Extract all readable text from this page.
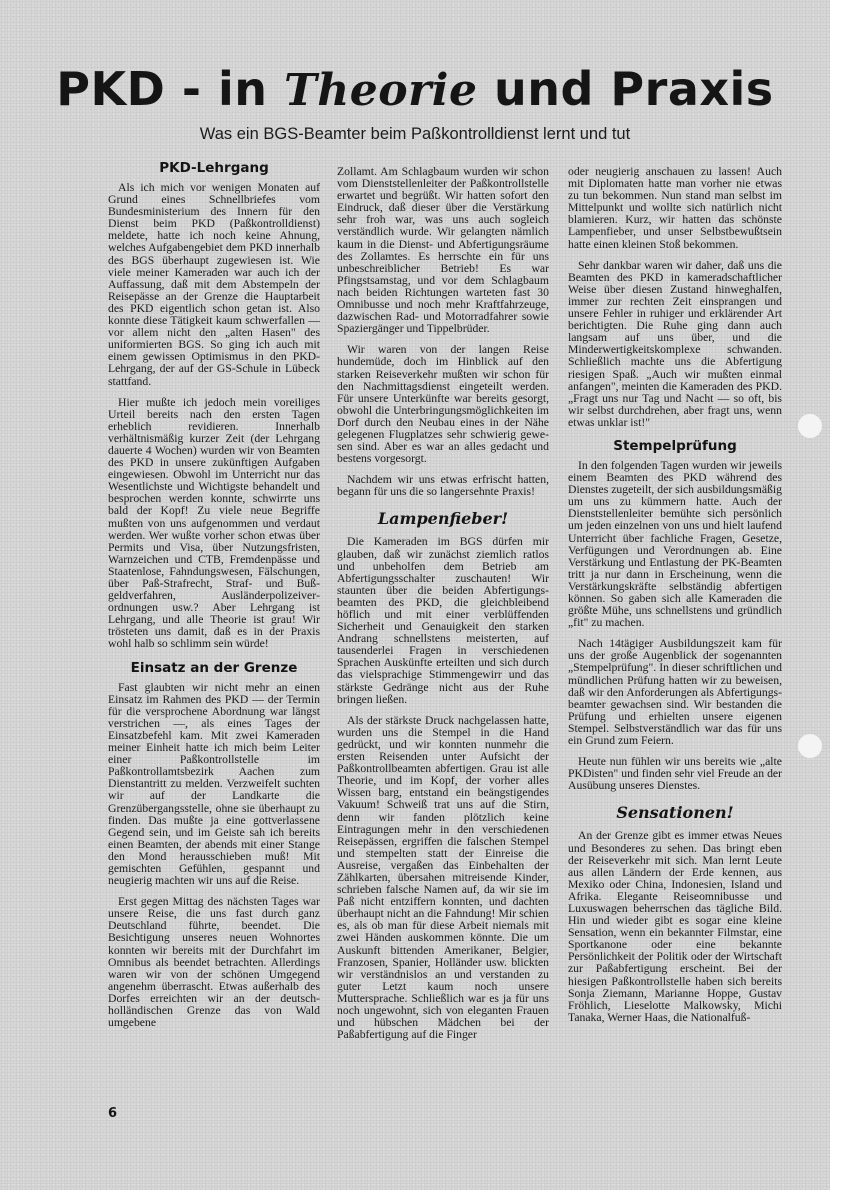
PKD - in Theorie und Praxis
Was ein BGS-Beamter beim Paßkontrolldienst lernt und tut
PKD-Lehrgang

Als ich mich vor wenigen Monaten auf Grund eines Schnellbriefes vom Bundesministerium des Innern für den Dienst beim PKD (Paßkontrolldienst) meldete, hatte ich noch keine Ahnung, welches Aufgabengebiet dem PKD innerhalb des BGS überhaupt zugewiesen ist. Wie viele meiner Kameraden war auch ich der Auffassung, daß mit dem Abstempeln der Reisepässe an der Grenze die Hauptarbeit des PKD eigentlich schon getan ist. Also konnte diese Tätigkeit kaum schwerfallen — vor allem nicht den „alten Hasen" des uniformierten BGS. So ging ich auch mit einem gewissen Optimismus in den PKD-Lehrgang, der auf der GS-Schule in Lübeck stattfand.

Hier mußte ich jedoch mein voreiliges Urteil bereits nach den ersten Tagen erheblich revidieren. Innerhalb verhältnismäßig kurzer Zeit (der Lehrgang dauerte 4 Wochen) wurden wir von Beamten des PKD in unsere zukünftigen Aufgaben eingewiesen. Obwohl im Unterricht nur das Wesentlichste und Wichtigste behandelt und besprochen werden konnte, schwirrte uns bald der Kopf! Zu viele neue Begriffe mußten von uns aufgenommen und verdaut werden. Wer wußte vorher schon etwas über Permits und Visa, über Nutzungsfristen, Warnzeichen und CTB, Fremdenpässe und Staatenlose, Fahndungswesen, Fälschungen, über Paß-Strafrecht, Straf- und Bußgeldverfahren, Ausländerpolizeiverordnungen usw.? Aber Lehrgang ist Lehrgang, und alle Theorie ist grau! Wir trösteten uns damit, daß es in der Praxis wohl halb so schlimm sein würde!

Einsatz an der Grenze

Fast glaubten wir nicht mehr an einen Einsatz im Rahmen des PKD — der Termin für die versprochene Abordnung war längst verstrichen —, als eines Tages der Einsatzbefehl kam. Mit zwei Kameraden meiner Einheit hatte ich mich beim Leiter einer Paßkontrollstelle im Paßkontrollamtsbezirk Aachen zum Dienstantritt zu melden. Verzweifelt suchten wir auf der Landkarte die Grenzübergangsstelle, ohne sie überhaupt zu finden. Das mußte ja eine gottverlassene Gegend sein, und im Geiste sah ich bereits einen Beamten, der abends mit einer Stange den Mond herausschieben muß! Mit gemischten Gefühlen, gespannt und neugierig machten wir uns auf die Reise.

Erst gegen Mittag des nächsten Tages war unsere Reise, die uns fast durch ganz Deutschland führte, beendet. Die Besichtigung unseres neuen Wohnortes konnten wir bereits mit der Durchfahrt im Omnibus als beendet betrachten. Allerdings waren wir von der schönen Umgegend angenehm überrascht. Etwas außerhalb des Dorfes erreichten wir an der deutsch-holländischen Grenze das von Wald umgebene

Zollamt. Am Schlagbaum wurden wir schon vom Dienststellenleiter der Paßkontrollstelle erwartet und begrüßt. Wir hatten sofort den Eindruck, daß dieser über die Verstärkung sehr froh war, was uns auch sogleich verständlich wurde. Wir gelangten nämlich kaum in die Dienst- und Abfertigungsräume des Zollamtes. Es herrschte ein für uns unbeschreiblicher Betrieb! Es war Pfingstsamstag, und vor dem Schlagbaum nach beiden Richtungen warteten fast 30 Omnibusse und noch mehr Kraftfahrzeuge, dazwischen Rad- und Motorradfahrer sowie Spaziergänger und Tippelbrüder.

Wir waren von der langen Reise hundemüde, doch im Hinblick auf den starken Reiseverkehr mußten wir schon für den Nachmittagsdienst eingeteilt werden. Für unsere Unterkünfte war bereits gesorgt, obwohl die Unterbringungsmöglichkeiten im Dorf durch den Neubau eines in der Nähe gelegenen Flugplatzes sehr schwierig gewesen sind. Aber es war an alles gedacht und bestens vorgesorgt.

Nachdem wir uns etwas erfrischt hatten, begann für uns die so langersehnte Praxis!

Lampenfieber!

Die Kameraden im BGS dürfen mir glauben, daß wir zunächst ziemlich ratlos und unbeholfen dem Betrieb am Abfertigungsschalter zuschauten! Wir staunten über die beiden Abfertigungsbeamten des PKD, die gleichbleibend höflich und mit einer verblüffenden Sicherheit und Genauigkeit den starken Andrang schnellstens meisterten, auf tausenderlei Fragen in verschiedenen Sprachen Auskünfte erteilten und sich durch das vielsprachige Stimmengewirr und das stärkste Gedränge nicht aus der Ruhe bringen ließen.

Als der stärkste Druck nachgelassen hatte, wurden uns die Stempel in die Hand gedrückt, und wir konnten nunmehr die ersten Reisenden unter Aufsicht der Paßkontrollbeamten abfertigen. Grau ist alle Theorie, und im Kopf, der vorher alles Wissen barg, entstand ein beängstigendes Vakuum! Schweiß trat uns auf die Stirn, denn wir fanden plötzlich keine Eintragungen mehr in den verschiedenen Reisepässen, ergriffen die falschen Stempel und stempelten statt der Einreise die Ausreise, vergaßen das Einbehalten der Zählkarten, übersahen mitreisende Kinder, schrieben falsche Namen auf, da wir sie im Paß nicht entziffern konnten, und dachten überhaupt nicht an die Fahndung! Mir schien es, als ob man für diese Arbeit niemals mit zwei Händen auskommen könnte. Die um Auskunft bittenden Amerikaner, Belgier, Franzosen, Spanier, Holländer usw. blickten wir verständnislos an und verstanden zu guter Letzt kaum noch unsere Muttersprache. Schließlich war es ja für uns noch ungewohnt, sich von eleganten Frauen und hübschen Mädchen bei der Paßabfertigung auf die Finger

oder neugierig anschauen zu lassen! Auch mit Diplomaten hatte man vorher nie etwas zu tun bekommen. Nun stand man selbst im Mittelpunkt und wollte sich natürlich nicht blamieren. Kurz, wir hatten das schönste Lampenfieber, und unser Selbstbewußtsein hatte einen kleinen Stoß bekommen.

Sehr dankbar waren wir daher, daß uns die Beamten des PKD in kameradschaftlicher Weise über diesen Zustand hinweghalfen, immer zur rechten Zeit einsprangen und unsere Fehler in ruhiger und erklärender Art berichtigten. Die Ruhe ging dann auch langsam auf uns über, und die Minderwertigkeitskomplexe schwanden. Schließlich machte uns die Abfertigung riesigen Spaß. „Auch wir mußten einmal anfangen", meinten die Kameraden des PKD. „Fragt uns nur Tag und Nacht — so oft, bis wir selbst durchdrehen, aber fragt uns, wenn etwas unklar ist!"

Stempelprüfung

In den folgenden Tagen wurden wir jeweils einem Beamten des PKD während des Dienstes zugeteilt, der sich ausbildungsmäßig um uns zu kümmern hatte. Auch der Dienststellenleiter bemühte sich persönlich um jeden einzelnen von uns und hielt laufend Unterricht über fachliche Fragen, Gesetze, Verfügungen und Verordnungen ab. Eine Verstärkung und Entlastung der PK-Beamten tritt ja nur dann in Erscheinung, wenn die Verstärkungskräfte selbständig abfertigen können. So gaben sich alle Kameraden die größte Mühe, uns schnellstens und gründlich „fit" zu machen.

Nach 14tägiger Ausbildungszeit kam für uns der große Augenblick der sogenannten „Stempelprüfung". In dieser schriftlichen und mündlichen Prüfung hatten wir zu beweisen, daß wir den Anforderungen als Abfertigungsbeamter gewachsen sind. Wir bestanden die Prüfung und erhielten unsere eigenen Stempel. Selbstverständlich war das für uns ein Grund zum Feiern.

Heute nun fühlen wir uns bereits wie „alte PKDisten" und finden sehr viel Freude an der Ausübung unseres Dienstes.

Sensationen!

An der Grenze gibt es immer etwas Neues und Besonderes zu sehen. Das bringt eben der Reiseverkehr mit sich. Man lernt Leute aus allen Ländern der Erde kennen, aus Mexiko oder China, Indonesien, Island und Afrika. Elegante Reiseomnibusse und Luxuswagen beherrschen das tägliche Bild. Hin und wieder gibt es sogar eine kleine Sensation, wenn ein bekannter Filmstar, eine Sportkanone oder eine bekannte Persönlichkeit der Politik oder der Wirtschaft zur Paßabfertigung erscheint. Bei der hiesigen Paßkontrollstelle haben sich bereits Sonja Ziemann, Marianne Hoppe, Gustav Fröhlich, Lieselotte Malkowsky, Michi Tanaka, Werner Haas, die Nationalfuß-

6
